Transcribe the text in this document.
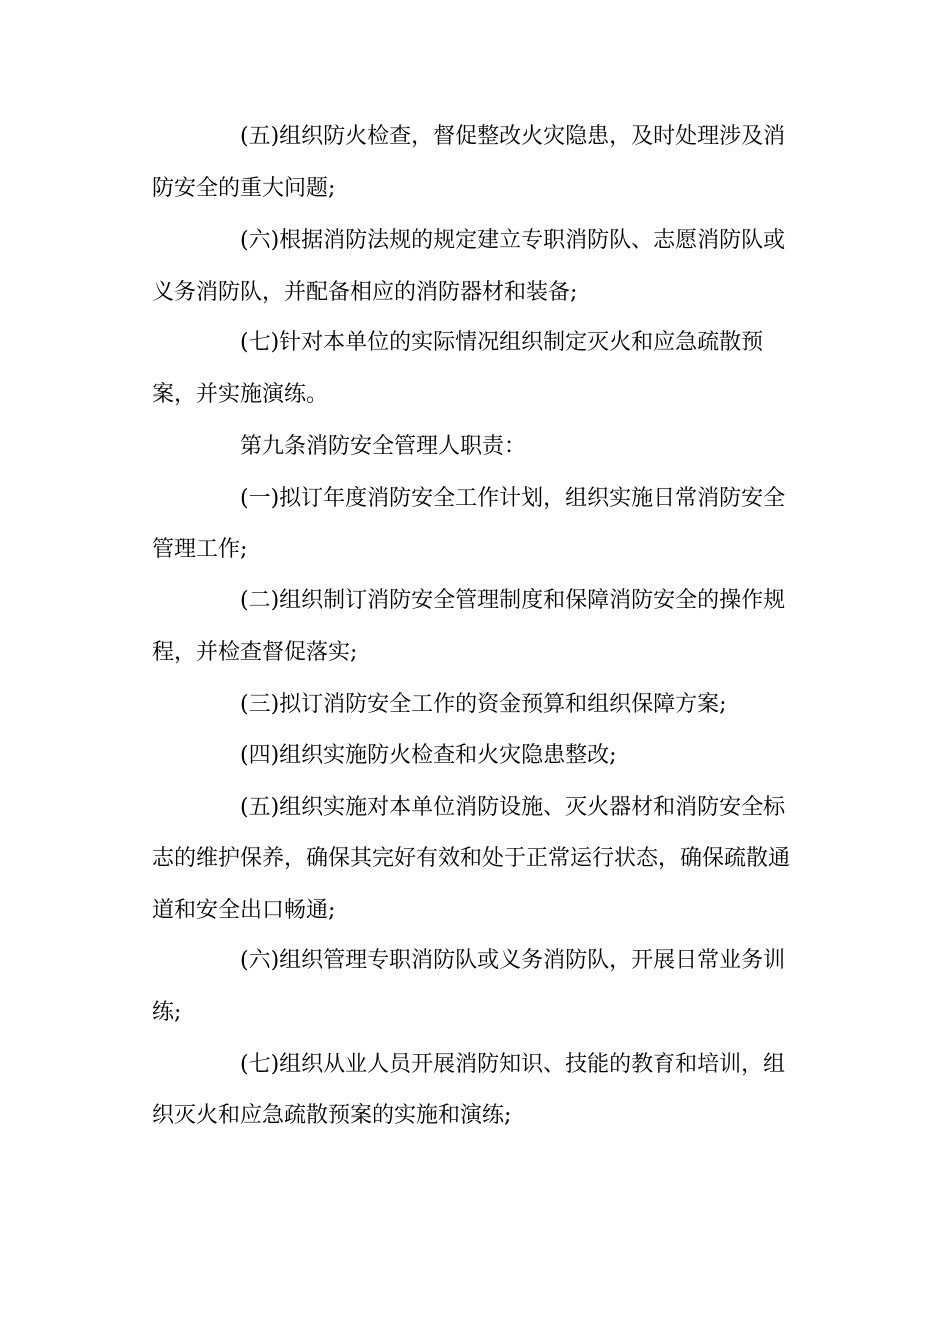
(五)组织防火检查，督促整改火灾隐患，及时处理涉及消
防安全的重大问题;
(六)根据消防法规的规定建立专职消防队、志愿消防队或
义务消防队，并配备相应的消防器材和装备;
(七)针对本单位的实际情况组织制定灭火和应急疏散预
案，并实施演练。
第九条消防安全管理人职责：
(一)拟订年度消防安全工作计划，组织实施日常消防安全
管理工作;
(二)组织制订消防安全管理制度和保障消防安全的操作规
程，并检查督促落实;
(三)拟订消防安全工作的资金预算和组织保障方案;
(四)组织实施防火检查和火灾隐患整改;
(五)组织实施对本单位消防设施、灭火器材和消防安全标
志的维护保养，确保其完好有效和处于正常运行状态，确保疏散通
道和安全出口畅通;
(六)组织管理专职消防队或义务消防队，开展日常业务训
练;
(七)组织从业人员开展消防知识、技能的教育和培训，组
织灭火和应急疏散预案的实施和演练;
